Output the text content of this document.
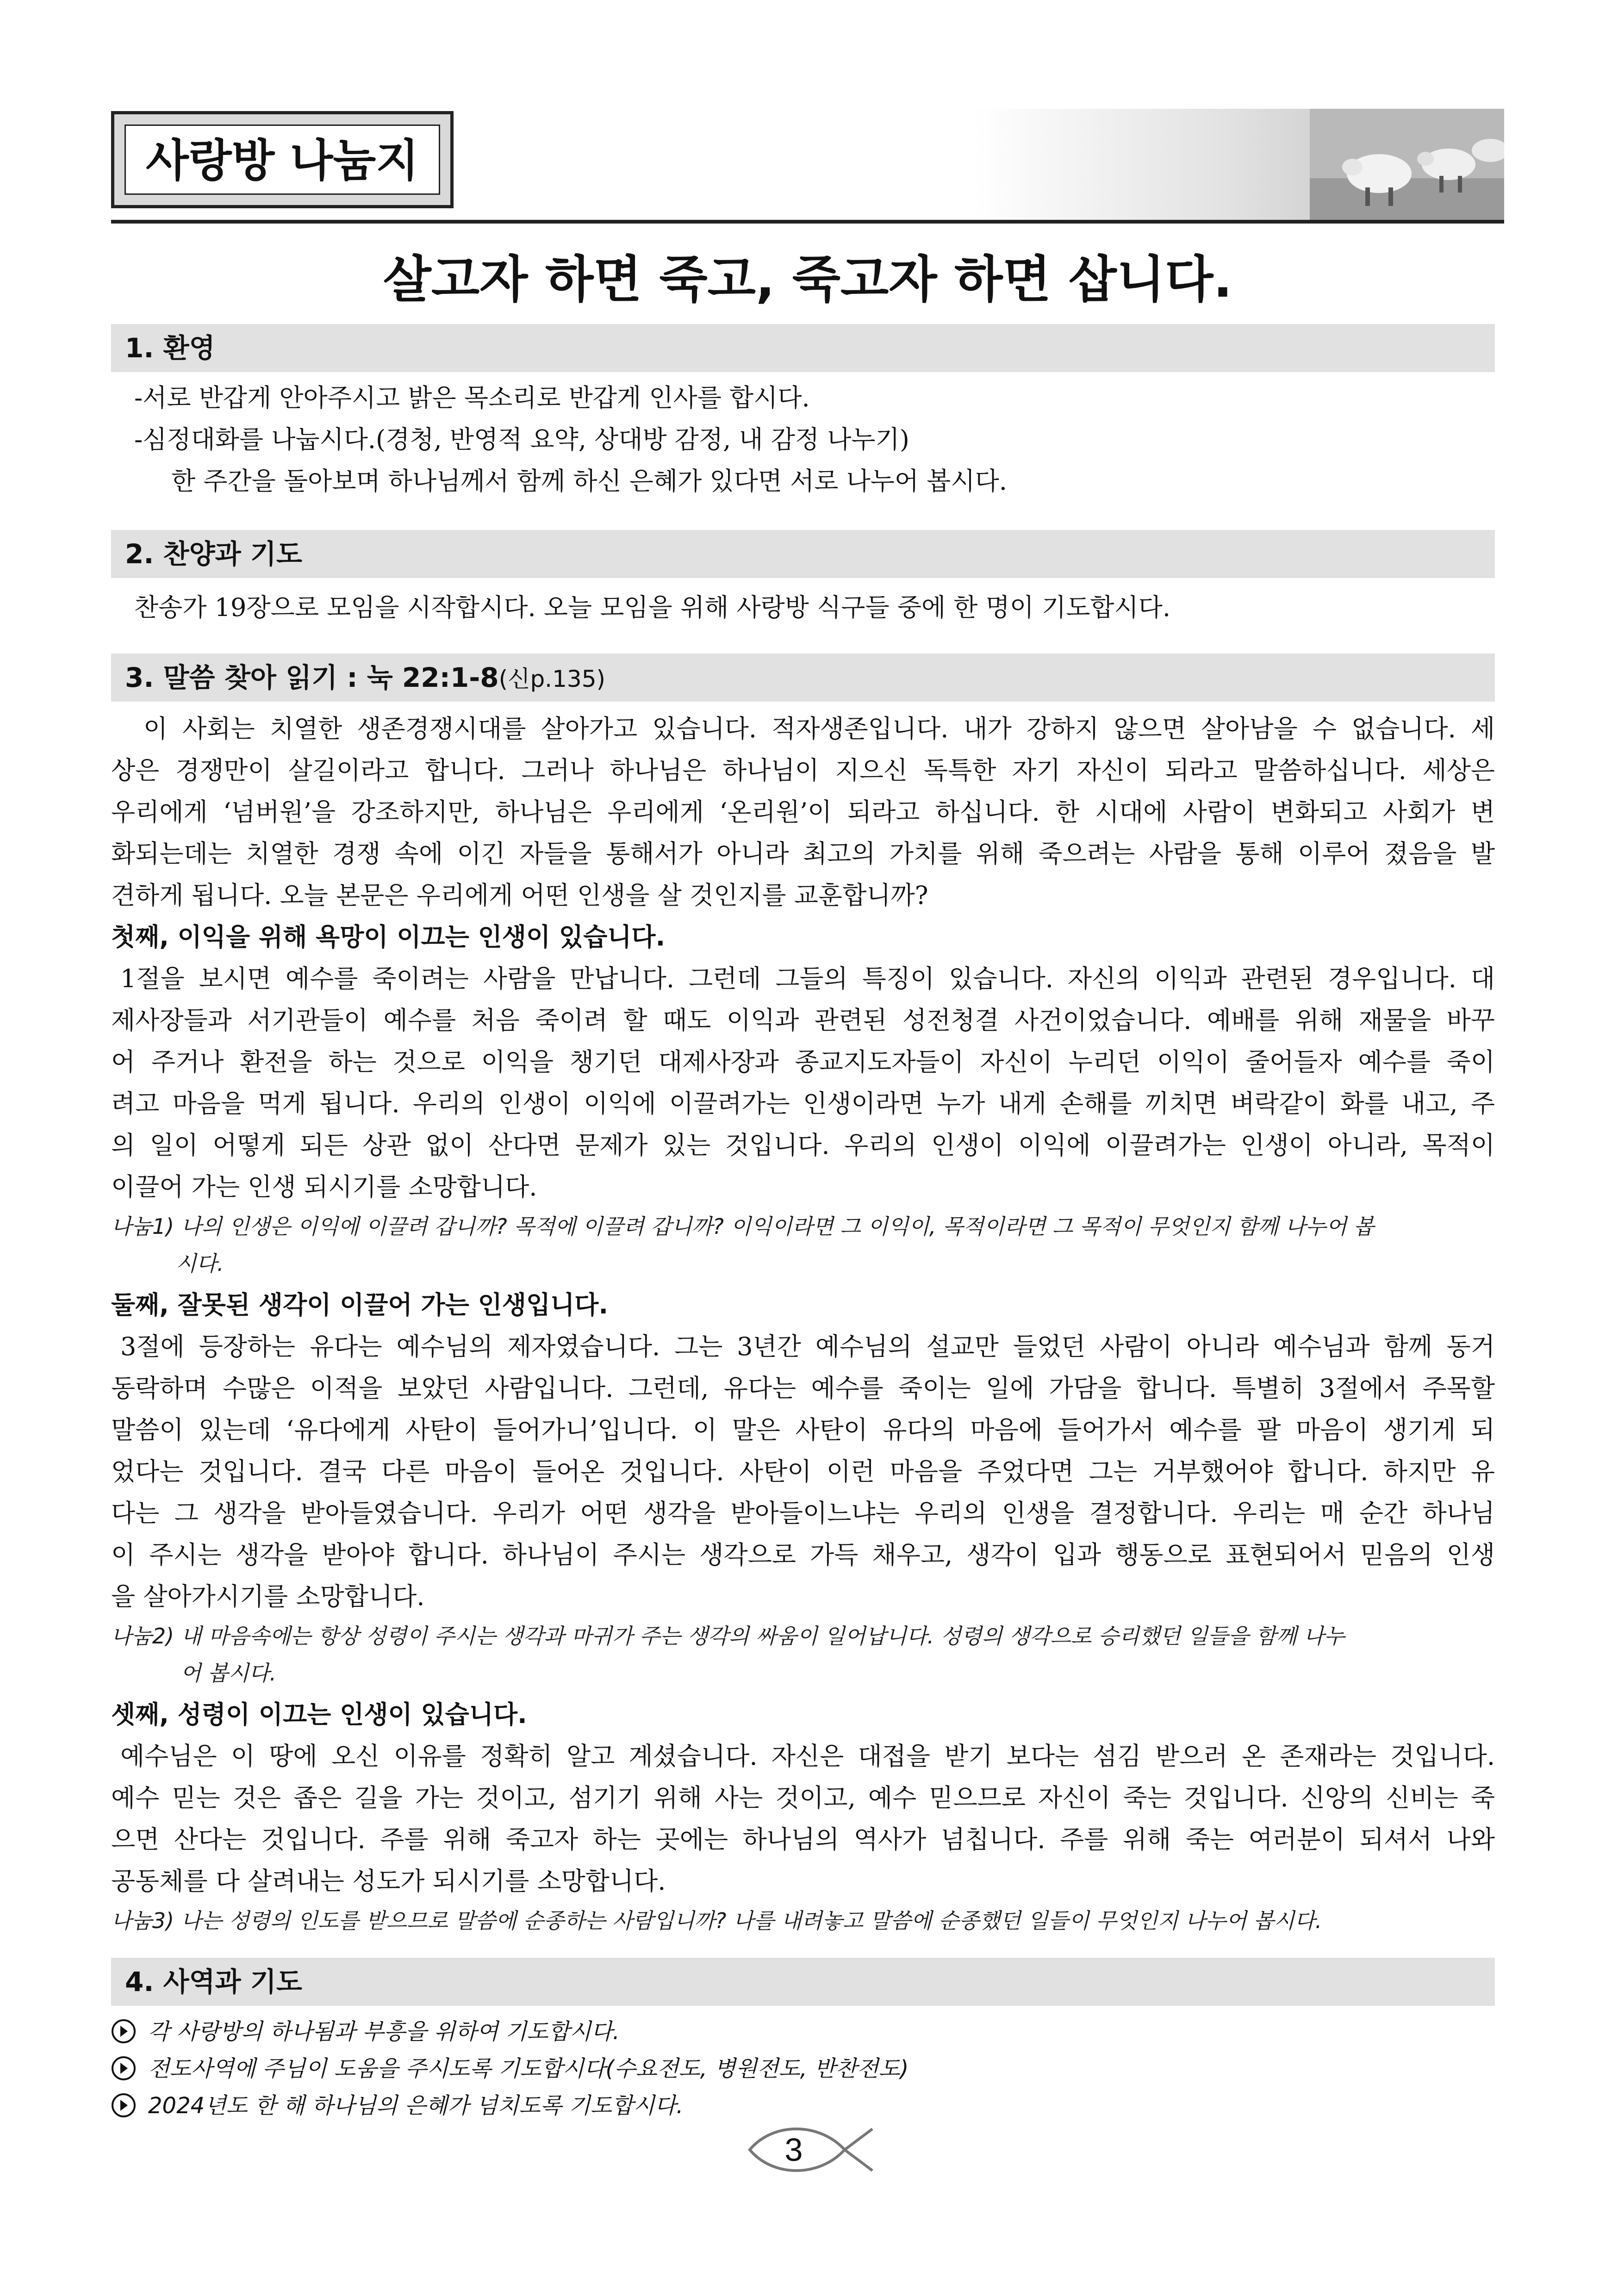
사랑방 나눔지
살고자 하면 죽고, 죽고자 하면 삽니다.
1. 환영
-서로 반갑게 안아주시고 밝은 목소리로 반갑게 인사를 합시다.
-심정대화를 나눕시다.(경청, 반영적 요약, 상대방 감정, 내 감정 나누기)
한 주간을 돌아보며 하나님께서 함께 하신 은혜가 있다면 서로 나누어 봅시다.
2. 찬양과 기도
찬송가 19장으로 모임을 시작합시다. 오늘 모임을 위해 사랑방 식구들 중에 한 명이 기도합시다.
3. 말씀 찾아 읽기 : 눅 22:1-8(신p.135)
이 사회는 치열한 생존경쟁시대를 살아가고 있습니다. 적자생존입니다. 내가 강하지 않으면 살아남을 수 없습니다. 세
상은 경쟁만이 살길이라고 합니다. 그러나 하나님은 하나님이 지으신 독특한 자기 자신이 되라고 말씀하십니다. 세상은
우리에게 ‘넘버원’을 강조하지만, 하나님은 우리에게 ‘온리원’이 되라고 하십니다. 한 시대에 사람이 변화되고 사회가 변
화되는데는 치열한 경쟁 속에 이긴 자들을 통해서가 아니라 최고의 가치를 위해 죽으려는 사람을 통해 이루어 졌음을 발
견하게 됩니다. 오늘 본문은 우리에게 어떤 인생을 살 것인지를 교훈합니까?
첫째, 이익을 위해 욕망이 이끄는 인생이 있습니다.
1절을 보시면 예수를 죽이려는 사람을 만납니다. 그런데 그들의 특징이 있습니다. 자신의 이익과 관련된 경우입니다. 대
제사장들과 서기관들이 예수를 처음 죽이려 할 때도 이익과 관련된 성전청결 사건이었습니다. 예배를 위해 재물을 바꾸
어 주거나 환전을 하는 것으로 이익을 챙기던 대제사장과 종교지도자들이 자신이 누리던 이익이 줄어들자 예수를 죽이
려고 마음을 먹게 됩니다. 우리의 인생이 이익에 이끌려가는 인생이라면 누가 내게 손해를 끼치면 벼락같이 화를 내고, 주
의 일이 어떻게 되든 상관 없이 산다면 문제가 있는 것입니다. 우리의 인생이 이익에 이끌려가는 인생이 아니라, 목적이
이끌어 가는 인생 되시기를 소망합니다.
나눔1) 나의 인생은 이익에 이끌려 갑니까? 목적에 이끌려 갑니까? 이익이라면 그 이익이, 목적이라면 그 목적이 무엇인지 함께 나누어 봅
시다.
둘째, 잘못된 생각이 이끌어 가는 인생입니다.
3절에 등장하는 유다는 예수님의 제자였습니다. 그는 3년간 예수님의 설교만 들었던 사람이 아니라 예수님과 함께 동거
동락하며 수많은 이적을 보았던 사람입니다. 그런데, 유다는 예수를 죽이는 일에 가담을 합니다. 특별히 3절에서 주목할
말씀이 있는데 ‘유다에게 사탄이 들어가니’입니다. 이 말은 사탄이 유다의 마음에 들어가서 예수를 팔 마음이 생기게 되
었다는 것입니다. 결국 다른 마음이 들어온 것입니다. 사탄이 이런 마음을 주었다면 그는 거부했어야 합니다. 하지만 유
다는 그 생각을 받아들였습니다. 우리가 어떤 생각을 받아들이느냐는 우리의 인생을 결정합니다. 우리는 매 순간 하나님
이 주시는 생각을 받아야 합니다. 하나님이 주시는 생각으로 가득 채우고, 생각이 입과 행동으로 표현되어서 믿음의 인생
을 살아가시기를 소망합니다.
나눔2) 내 마음속에는 항상 성령이 주시는 생각과 마귀가 주는 생각의 싸움이 일어납니다. 성령의 생각으로 승리했던 일들을 함께 나누
어 봅시다.
셋째, 성령이 이끄는 인생이 있습니다.
예수님은 이 땅에 오신 이유를 정확히 알고 계셨습니다. 자신은 대접을 받기 보다는 섬김 받으러 온 존재라는 것입니다.
예수 믿는 것은 좁은 길을 가는 것이고, 섬기기 위해 사는 것이고, 예수 믿으므로 자신이 죽는 것입니다. 신앙의 신비는 죽
으면 산다는 것입니다. 주를 위해 죽고자 하는 곳에는 하나님의 역사가 넘칩니다. 주를 위해 죽는 여러분이 되셔서 나와
공동체를 다 살려내는 성도가 되시기를 소망합니다.
나눔3) 나는 성령의 인도를 받으므로 말씀에 순종하는 사람입니까? 나를 내려놓고 말씀에 순종했던 일들이 무엇인지 나누어 봅시다.
4. 사역과 기도
각 사랑방의 하나됨과 부흥을 위하여 기도합시다.
전도사역에 주님이 도움을 주시도록 기도합시다(수요전도, 병원전도, 반찬전도)
2024년도 한 해 하나님의 은혜가 넘치도록 기도합시다.
3
